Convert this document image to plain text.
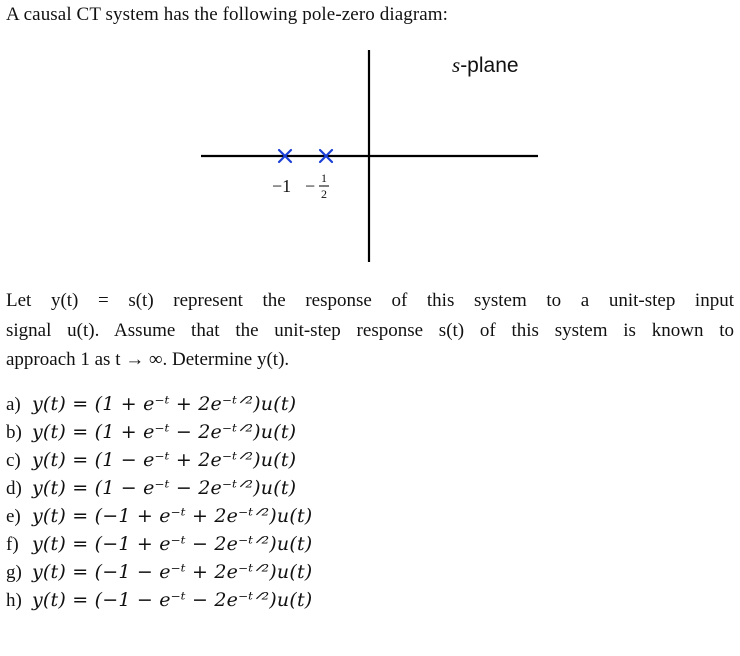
A causal CT system has the following pole-zero diagram:
−1 − 1
2
s-plane
Let y(t) = s(t) represent the response of this system to a unit-step input
signal u(t). Assume that the unit-step response s(t) of this system is known to
approach 1 as t → ∞. Determine y(t).
a) y(t) = (1 + e⁻ᵗ + 2e⁻ᵗᐟ²)u(t)
b) y(t) = (1 + e⁻ᵗ − 2e⁻ᵗᐟ²)u(t)
c) y(t) = (1 − e⁻ᵗ + 2e⁻ᵗᐟ²)u(t)
d) y(t) = (1 − e⁻ᵗ − 2e⁻ᵗᐟ²)u(t)
e) y(t) = (−1 + e⁻ᵗ + 2e⁻ᵗᐟ²)u(t)
f) y(t) = (−1 + e⁻ᵗ − 2e⁻ᵗᐟ²)u(t)
g) y(t) = (−1 − e⁻ᵗ + 2e⁻ᵗᐟ²)u(t)
h) y(t) = (−1 − e⁻ᵗ − 2e⁻ᵗᐟ²)u(t)
